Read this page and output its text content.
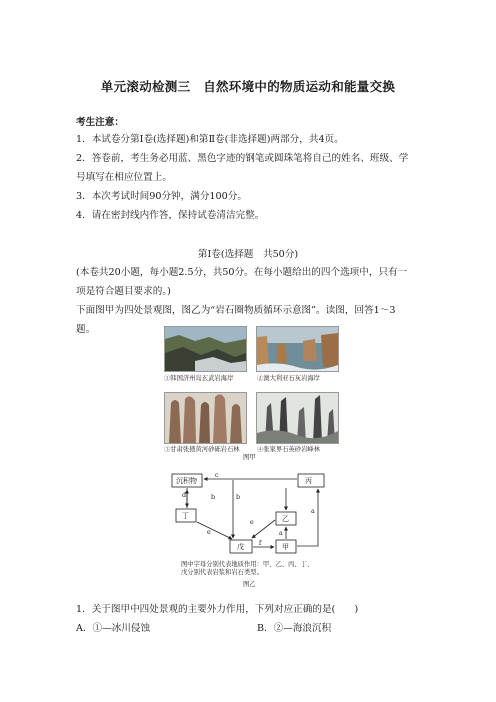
单元滚动检测三　自然环境中的物质运动和能量交换
考生注意：
1．本试卷分第Ⅰ卷(选择题)和第Ⅱ卷(非选择题)两部分，共4页。
2．答卷前，考生务必用蓝、黑色字迹的钢笔或圆珠笔将自己的姓名、班级、学
号填写在相应位置上。
3．本次考试时间90分钟，满分100分。
4．请在密封线内作答，保持试卷清洁完整。
第Ⅰ卷(选择题　共50分)
(本卷共20小题，每小题2.5分，共50分。在每小题给出的四个选项中，只有一
项是符合题目要求的。)
下面图甲为四处景观图，图乙为“岩石圈物质循环示意图”。读图，回答1～3
题。
①韩国济州岛玄武岩海岸	②澳大利亚石灰岩海岸
③甘肃张掖黄河砂砾岩石林	④张家界石英砂岩峰林
图甲
沉积物	丙
丁	乙
戊	甲
c
d	b	b
e
e
a
a
f
图中字母分别代表地质作用：甲、乙、丙、丁、
戊分别代表岩浆和岩石类型。
图乙
1．关于图甲中四处景观的主要外力作用，下列对应正确的是(　　)
A．①—冰川侵蚀	B．②—海浪沉积
